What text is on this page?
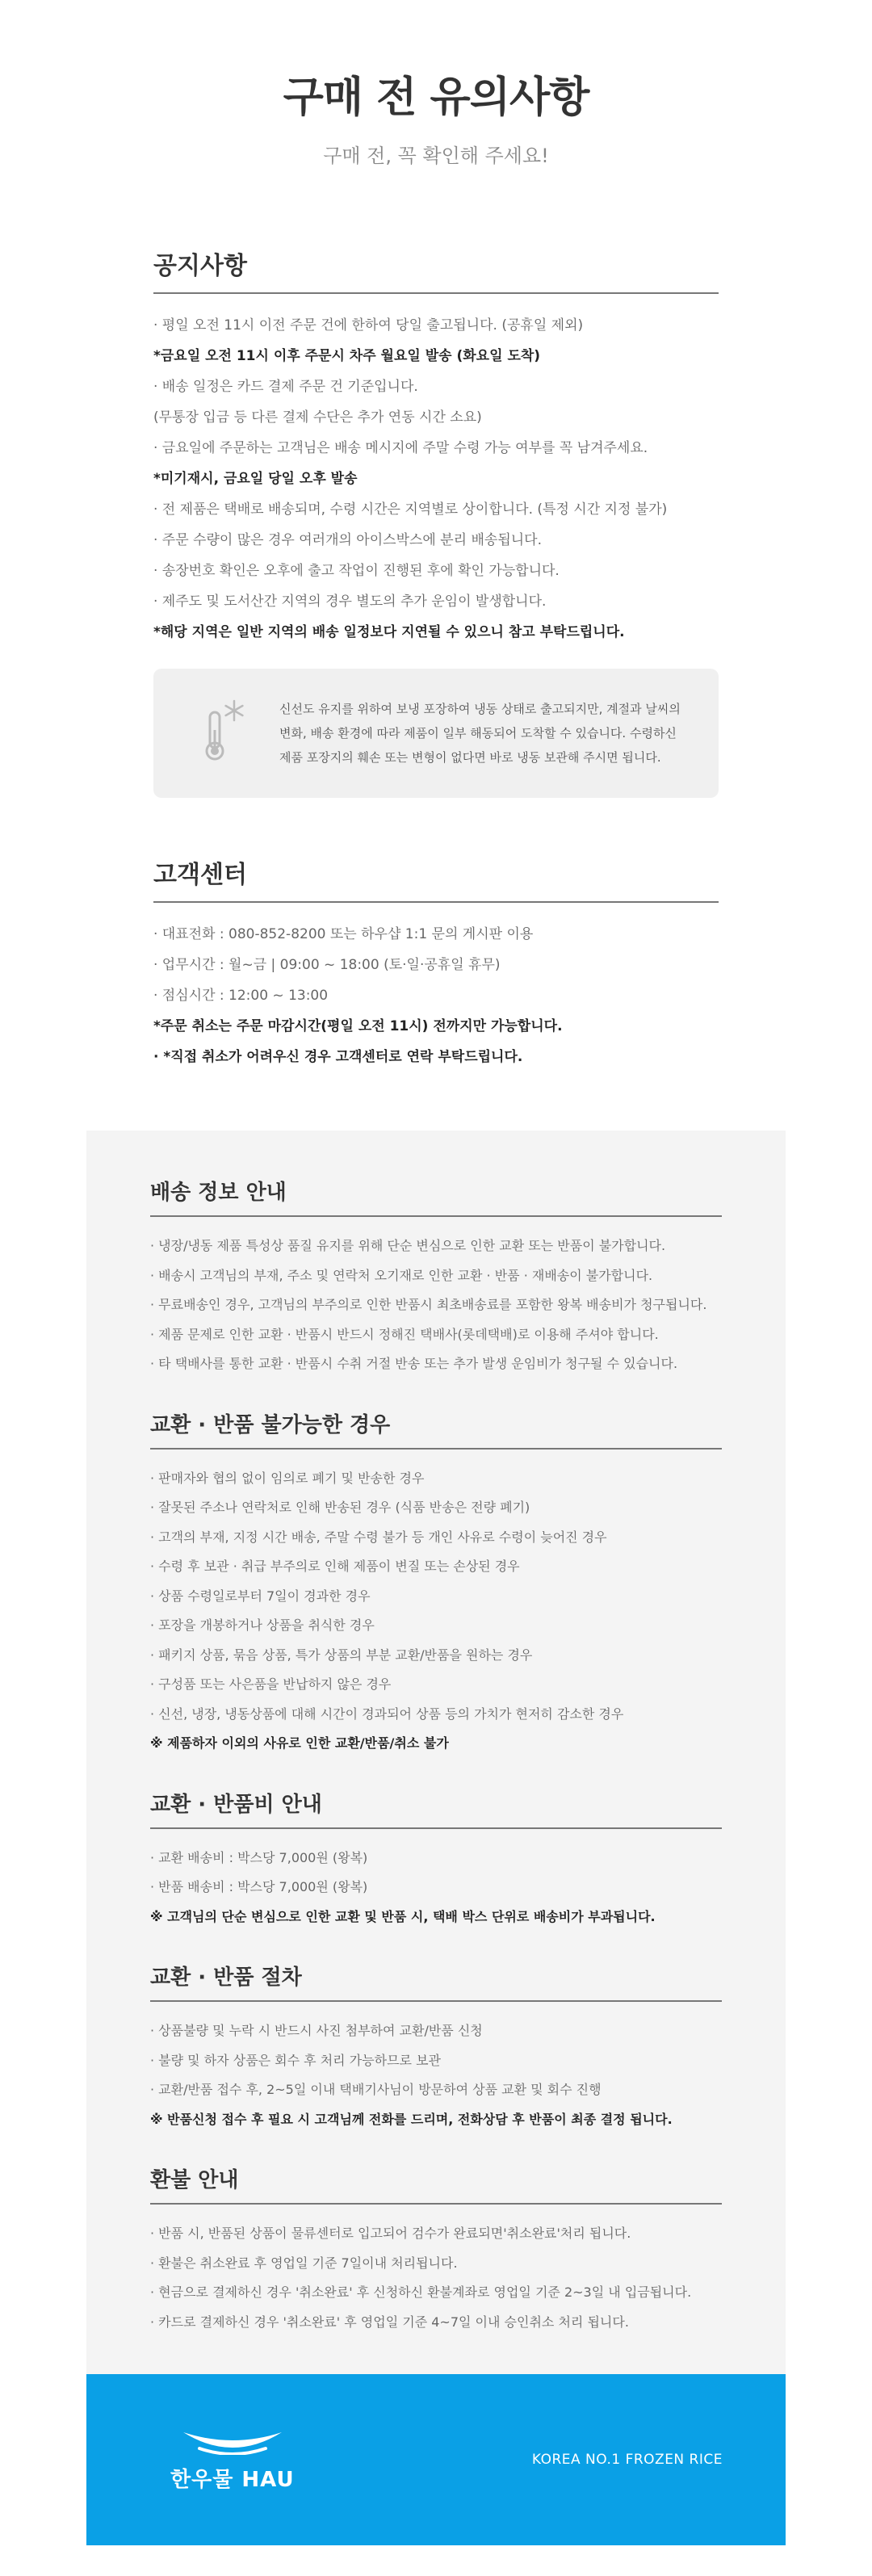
구매 전 유의사항

구매 전, 꼭 확인해 주세요!

공지사항
· 평일 오전 11시 이전 주문 건에 한하여 당일 출고됩니다. (공휴일 제외)
*금요일 오전 11시 이후 주문시 차주 월요일 발송 (화요일 도착)
· 배송 일정은 카드 결제 주문 건 기준입니다.
(무통장 입금 등 다른 결제 수단은 추가 연동 시간 소요)
· 금요일에 주문하는 고객님은 배송 메시지에 주말 수령 가능 여부를 꼭 남겨주세요.
*미기재시, 금요일 당일 오후 발송
· 전 제품은 택배로 배송되며, 수령 시간은 지역별로 상이합니다. (특정 시간 지정 불가)
· 주문 수량이 많은 경우 여러개의 아이스박스에 분리 배송됩니다.
· 송장번호 확인은 오후에 출고 작업이 진행된 후에 확인 가능합니다.
· 제주도 및 도서산간 지역의 경우 별도의 추가 운임이 발생합니다.
*해당 지역은 일반 지역의 배송 일정보다 지연될 수 있으니 참고 부탁드립니다.
신선도 유지를 위하여 보냉 포장하여 냉동 상태로 출고되지만, 계절과 날씨의
변화, 배송 환경에 따라 제품이 일부 해동되어 도착할 수 있습니다. 수령하신
제품 포장지의 훼손 또는 변형이 없다면 바로 냉동 보관해 주시면 됩니다.
고객센터
· 대표전화 : 080-852-8200 또는 하우샵 1:1 문의 게시판 이용
· 업무시간 : 월~금 | 09:00 ~ 18:00 (토·일·공휴일 휴무)
· 점심시간 : 12:00 ~ 13:00
*주문 취소는 주문 마감시간(평일 오전 11시) 전까지만 가능합니다.
· *직접 취소가 어려우신 경우 고객센터로 연락 부탁드립니다.
배송 정보 안내
· 냉장/냉동 제품 특성상 품질 유지를 위해 단순 변심으로 인한 교환 또는 반품이 불가합니다.
· 배송시 고객님의 부재, 주소 및 연락처 오기재로 인한 교환 · 반품 · 재배송이 불가합니다.
· 무료배송인 경우, 고객님의 부주의로 인한 반품시 최초배송료를 포함한 왕복 배송비가 청구됩니다.
· 제품 문제로 인한 교환 · 반품시 반드시 정해진 택배사(롯데택배)로 이용해 주셔야 합니다.
· 타 택배사를 통한 교환 · 반품시 수취 거절 반송 또는 추가 발생 운임비가 청구될 수 있습니다.
교환 · 반품 불가능한 경우
· 판매자와 협의 없이 임의로 폐기 및 반송한 경우
· 잘못된 주소나 연락처로 인해 반송된 경우 (식품 반송은 전량 폐기)
· 고객의 부재, 지정 시간 배송, 주말 수령 불가 등 개인 사유로 수령이 늦어진 경우
· 수령 후 보관 · 취급 부주의로 인해 제품이 변질 또는 손상된 경우
· 상품 수령일로부터 7일이 경과한 경우
· 포장을 개봉하거나 상품을 취식한 경우
· 패키지 상품, 묶음 상품, 특가 상품의 부분 교환/반품을 원하는 경우
· 구성품 또는 사은품을 반납하지 않은 경우
· 신선, 냉장, 냉동상품에 대해 시간이 경과되어 상품 등의 가치가 현저히 감소한 경우
※ 제품하자 이외의 사유로 인한 교환/반품/취소 불가
교환 · 반품비 안내
· 교환 배송비 : 박스당 7,000원 (왕복)
· 반품 배송비 : 박스당 7,000원 (왕복)
※ 고객님의 단순 변심으로 인한 교환 및 반품 시, 택배 박스 단위로 배송비가 부과됩니다.
교환 · 반품 절차
· 상품불량 및 누락 시 반드시 사진 첨부하여 교환/반품 신청
· 불량 및 하자 상품은 회수 후 처리 가능하므로 보관
· 교환/반품 접수 후, 2~5일 이내 택배기사님이 방문하여 상품 교환 및 회수 진행
※ 반품신청 접수 후 필요 시 고객님께 전화를 드리며, 전화상담 후 반품이 최종 결정 됩니다.
환불 안내
· 반품 시, 반품된 상품이 물류센터로 입고되어 검수가 완료되면'취소완료'처리 됩니다.
· 환불은 취소완료 후 영업일 기준 7일이내 처리됩니다.
· 현금으로 결제하신 경우 '취소완료' 후 신청하신 환불계좌로 영업일 기준 2~3일 내 입금됩니다.
· 카드로 결제하신 경우 '취소완료' 후 영업일 기준 4~7일 이내 승인취소 처리 됩니다.
한우물 HAU
KOREA NO.1 FROZEN RICE
